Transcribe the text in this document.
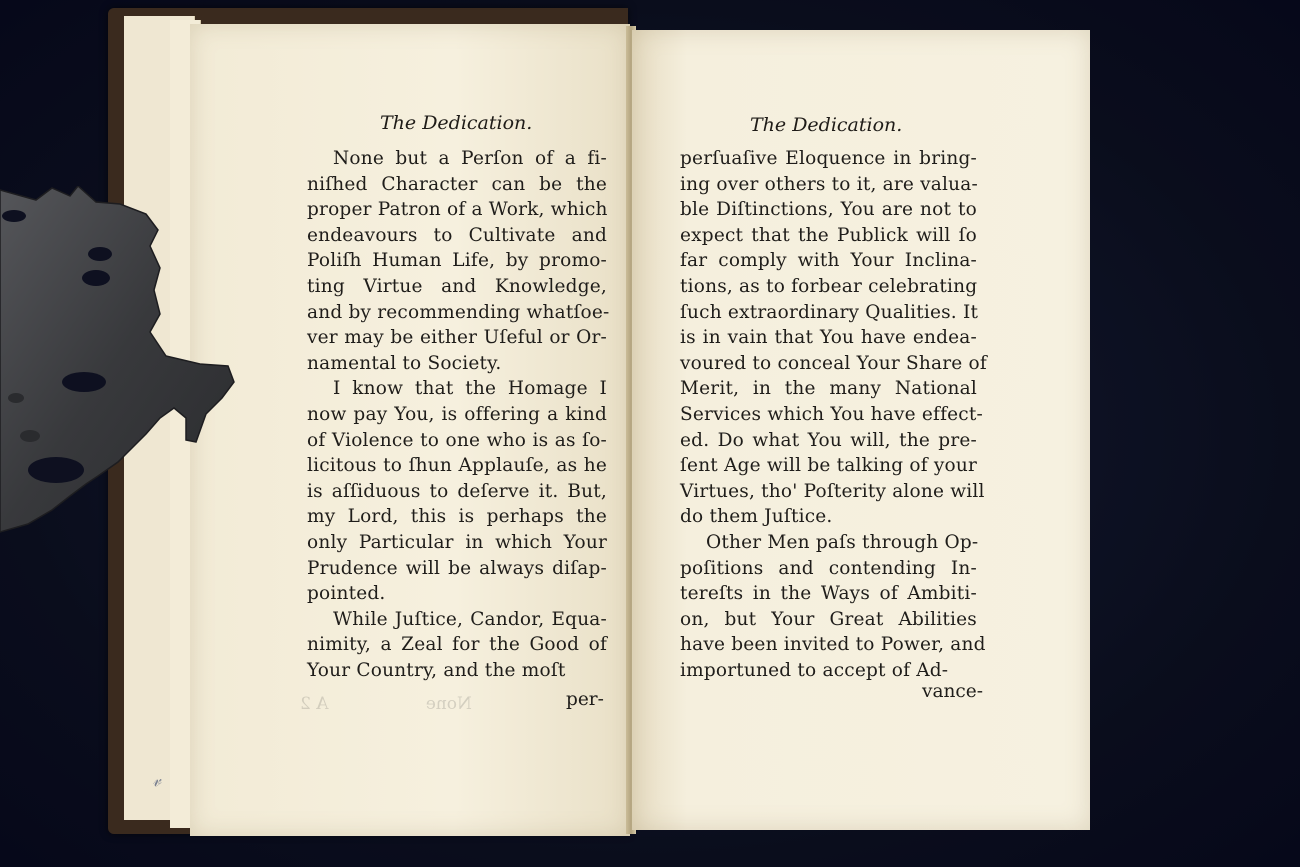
𝓋
The Dedication.
None but a Perſon of a fi-
niſhed Character can be the
proper Patron of a Work, which
endeavours to Cultivate and
Poliſh Human Life, by promo-
ting Virtue and Knowledge,
and by recommending whatſoe-
ver may be either Uſeful or Or-
namental to Society.
I know that the Homage I
now pay You, is offering a kind
of Violence to one who is as ſo-
licitous to ſhun Applauſe, as he
is aſſiduous to deſerve it. But,
my Lord, this is perhaps the
only Particular in which Your
Prudence will be always diſap-
pointed.
While Juſtice, Candor, Equa-
nimity, a Zeal for the Good of
Your Country, and the moſt
per-
None                  A 2
The Dedication.
perſuaſive Eloquence in bring-
ing over others to it, are valua-
ble Diſtinctions, You are not to
expect that the Publick will ſo
far comply with Your Inclina-
tions, as to forbear celebrating
ſuch extraordinary Qualities. It
is in vain that You have endea-
voured to conceal Your Share of
Merit, in the many National
Services which You have effect-
ed. Do what You will, the pre-
ſent Age will be talking of your
Virtues, tho' Poſterity alone will
do them Juſtice.
Other Men paſs through Op-
poſitions and contending In-
tereſts in the Ways of Ambiti-
on, but Your Great Abilities
have been invited to Power, and
importuned to accept of Ad-
vance-
